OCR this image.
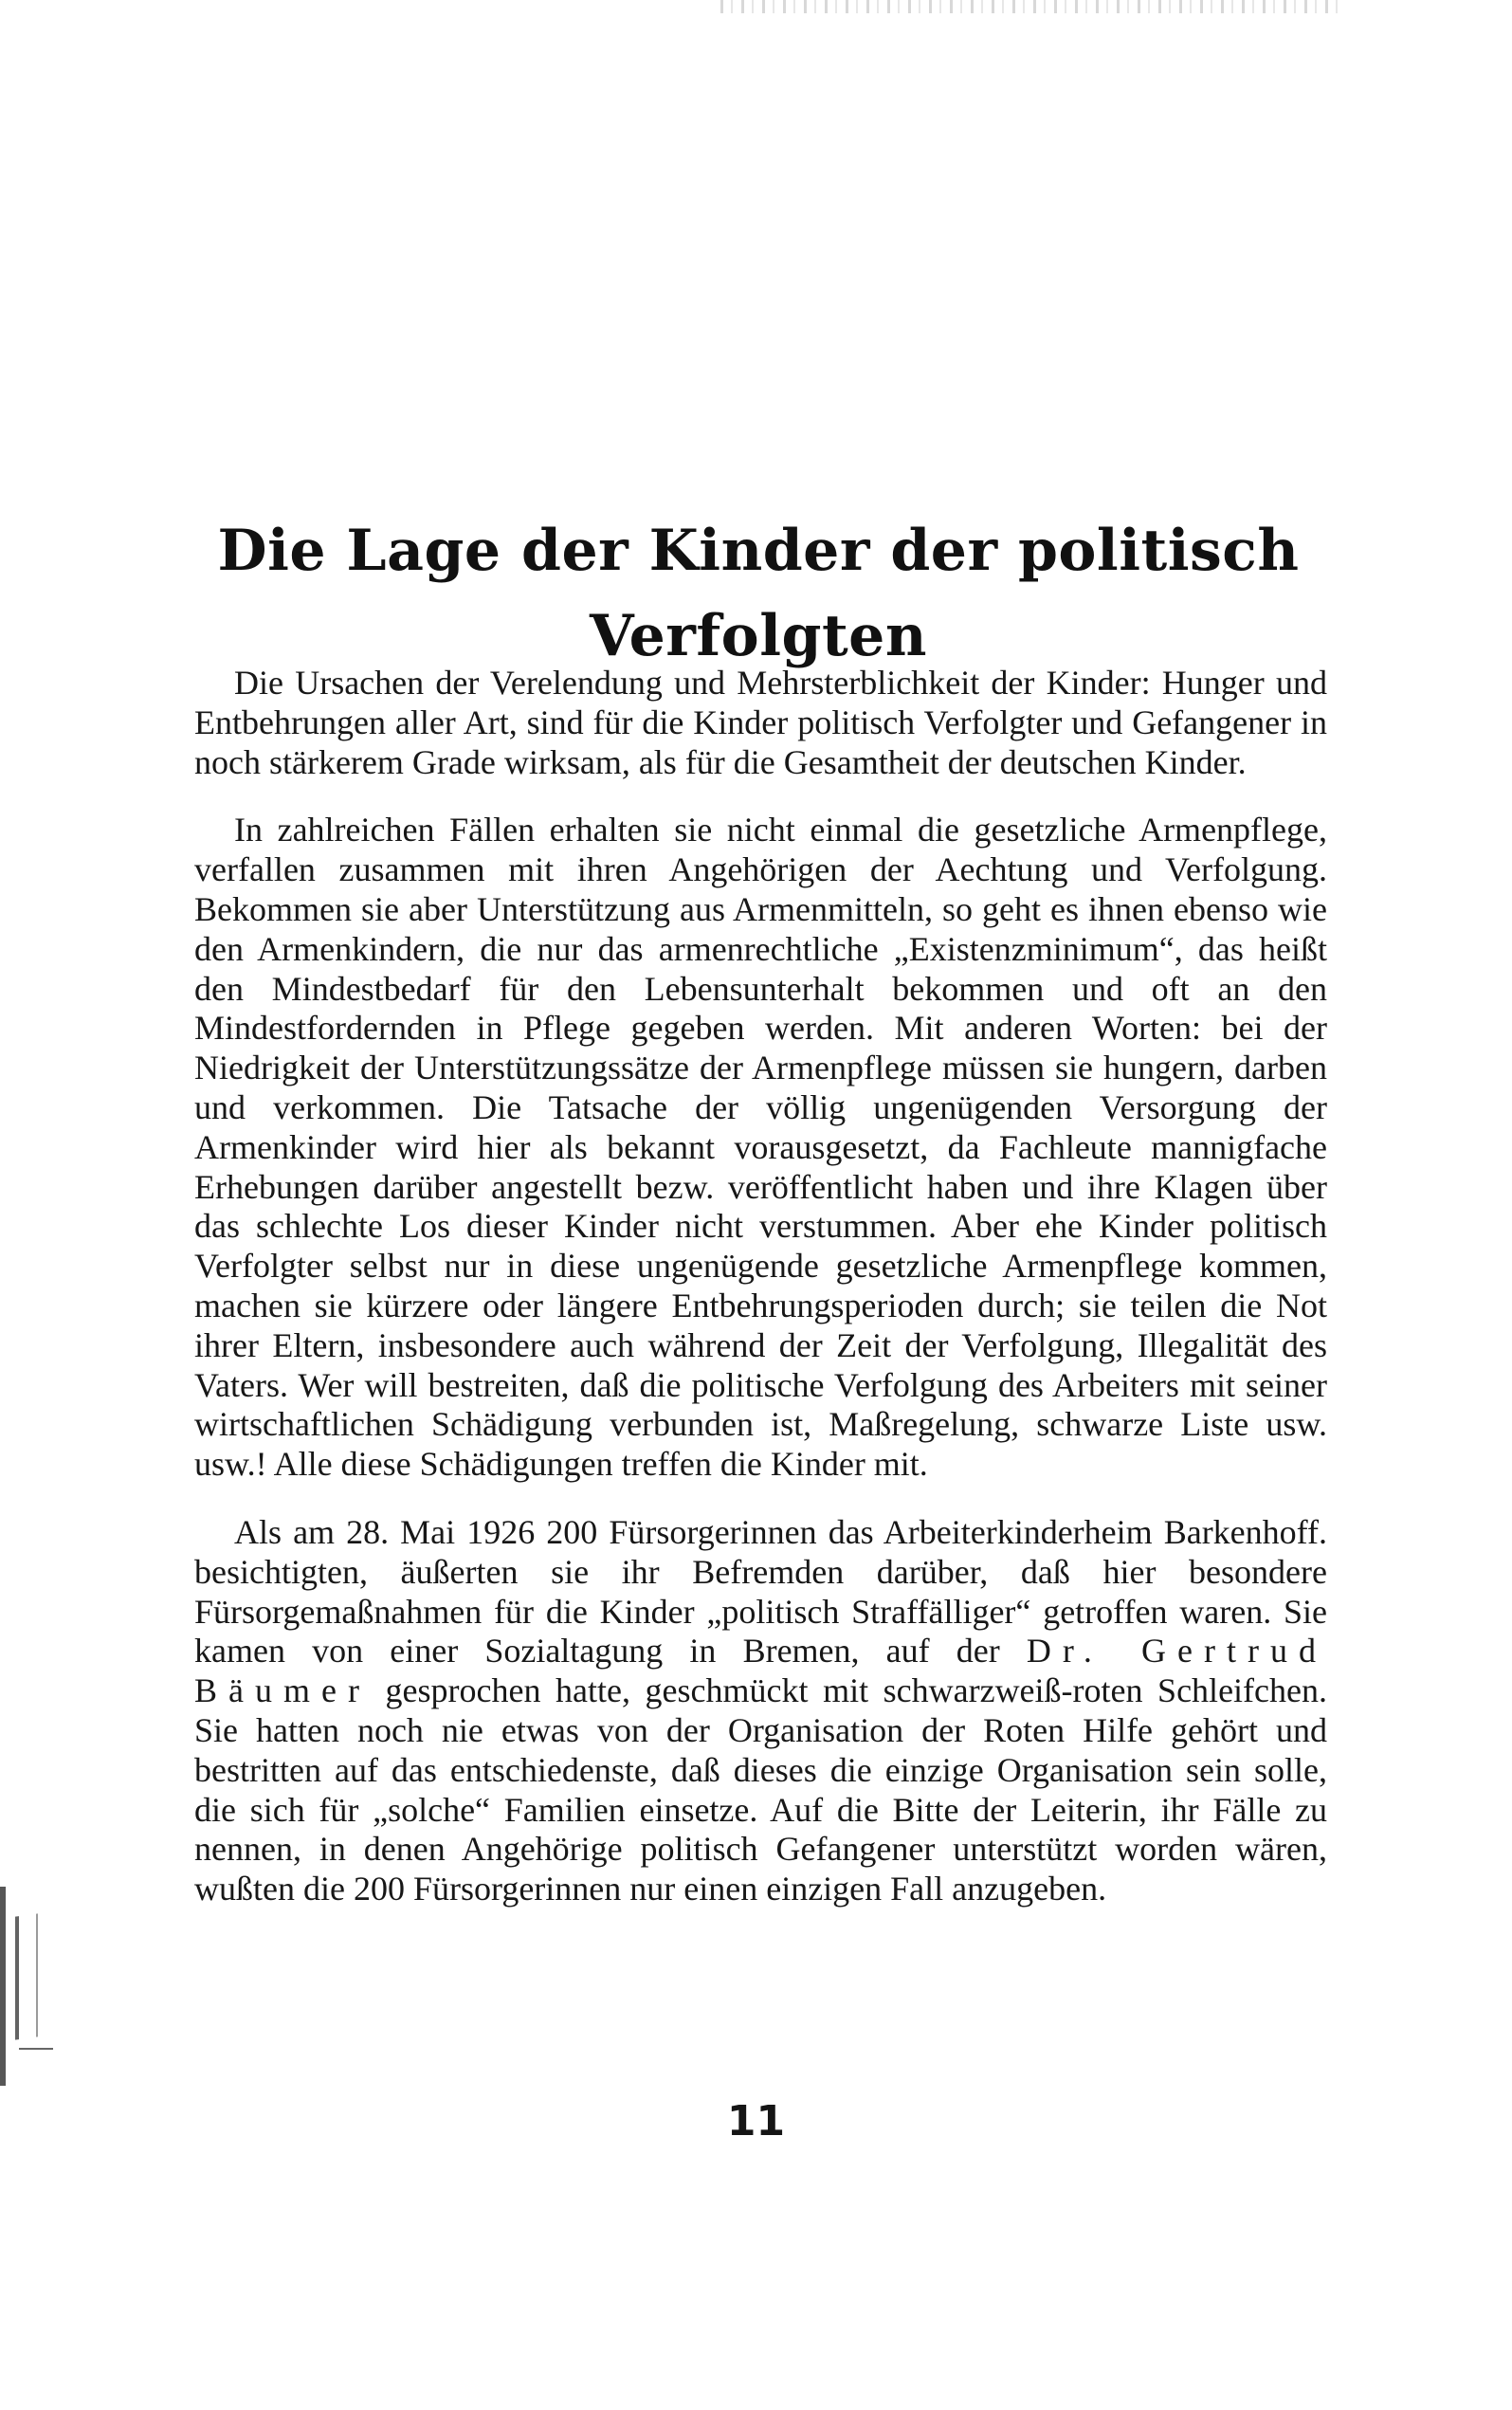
Die Lage der Kinder der politisch
Verfolgten

Die Ursachen der Verelendung und Mehrsterblichkeit der Kinder: Hunger und Entbehrungen aller Art, sind für die Kinder politisch Verfolgter und Gefangener in noch stärkerem Grade wirksam, als für die Gesamtheit der deutschen Kinder.

In zahlreichen Fällen erhalten sie nicht einmal die gesetzliche Armenpflege, verfallen zusammen mit ihren Angehörigen der Aechtung und Verfolgung. Bekommen sie aber Unterstützung aus Armenmitteln, so geht es ihnen ebenso wie den Armenkindern, die nur das armenrechtliche „Existenzminimum“, das heißt den Mindestbedarf für den Lebensunterhalt bekommen und oft an den Mindestfordernden in Pflege gegeben werden. Mit anderen Worten: bei der Niedrigkeit der Unterstützungssätze der Armenpflege müssen sie hungern, darben und verkommen. Die Tatsache der völlig ungenügenden Versorgung der Armenkinder wird hier als bekannt vorausgesetzt, da Fachleute mannigfache Erhebungen darüber angestellt bezw. veröffentlicht haben und ihre Klagen über das schlechte Los dieser Kinder nicht verstummen. Aber ehe Kinder politisch Verfolgter selbst nur in diese ungenügende gesetzliche Armenpflege kommen, machen sie kürzere oder längere Entbehrungsperioden durch; sie teilen die Not ihrer Eltern, insbesondere auch während der Zeit der Verfolgung, Illegalität des Vaters. Wer will bestreiten, daß die politische Verfolgung des Arbeiters mit seiner wirtschaftlichen Schädigung verbunden ist, Maßregelung, schwarze Liste usw. usw.! Alle diese Schädigungen treffen die Kinder mit.

Als am 28. Mai 1926 200 Fürsorgerinnen das Arbeiterkinderheim Barkenhoff. besichtigten, äußerten sie ihr Befremden darüber, daß hier besondere Fürsorgemaßnahmen für die Kinder „politisch Straffälliger“ getroffen waren. Sie kamen von einer Sozialtagung in Bremen, auf der Dr. Gertrud Bäumer gesprochen hatte, geschmückt mit schwarzweiß-roten Schleifchen. Sie hatten noch nie etwas von der Organisation der Roten Hilfe gehört und bestritten auf das entschiedenste, daß dieses die einzige Organisation sein solle, die sich für „solche“ Familien einsetze. Auf die Bitte der Leiterin, ihr Fälle zu nennen, in denen Angehörige politisch Gefangener unterstützt worden wären, wußten die 200 Fürsorgerinnen nur einen einzigen Fall anzugeben.

11
